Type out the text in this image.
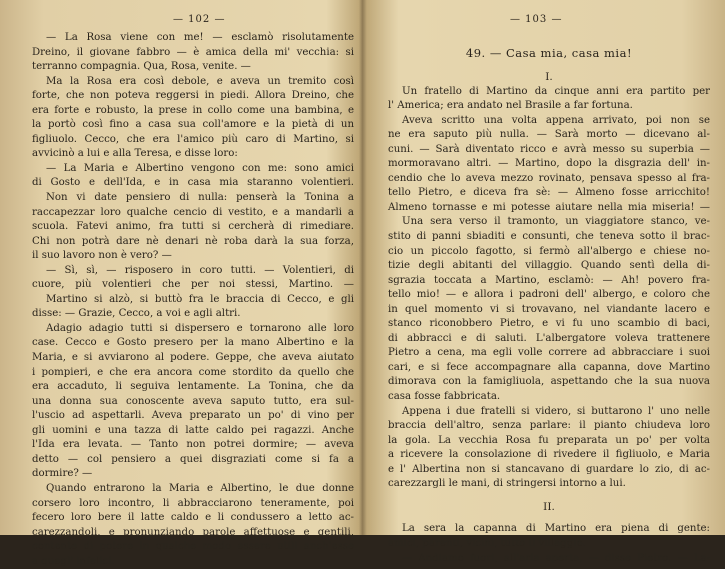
— 102 —
— La Rosa viene con me! — esclamò risolutamente
Dreino, il giovane fabbro — è amica della mi' vecchia: si
terranno compagnia. Qua, Rosa, venite. —
Ma la Rosa era così debole, e aveva un tremito così
forte, che non poteva reggersi in piedi. Allora Dreino, che
era forte e robusto, la prese in collo come una bambina, e
la portò così fino a casa sua coll'amore e la pietà di un
figliuolo. Cecco, che era l'amico più caro di Martino, si
avvicinò a lui e alla Teresa, e disse loro:
— La Maria e Albertino vengono con me: sono amici
di Gosto e dell'Ida, e in casa mia staranno volentieri.
Non vi date pensiero di nulla: penserà la Tonina a
raccapezzar loro qualche cencio di vestito, e a mandarli a
scuola. Fatevi animo, fra tutti si cercherà di rimediare.
Chi non potrà dare nè denari nè roba darà la sua forza,
il suo lavoro non è vero? —
— Sì, sì, — risposero in coro tutti. — Volentieri, di
cuore, più volentieri che per noi stessi, Martino. —
Martino si alzò, si buttò fra le braccia di Cecco, e gli
disse: — Grazie, Cecco, a voi e agli altri.
Adagio adagio tutti si dispersero e tornarono alle loro
case. Cecco e Gosto presero per la mano Albertino e la
Maria, e si avviarono al podere. Geppe, che aveva aiutato
i pompieri, e che era ancora come stordito da quello che
era accaduto, li seguiva lentamente. La Tonina, che da
una donna sua conoscente aveva saputo tutto, era sul-
l'uscio ad aspettarli. Aveva preparato un po' di vino per
gli uomini e una tazza di latte caldo pei ragazzi. Anche
l'Ida era levata. — Tanto non potrei dormire; — aveva
detto — col pensiero a quei disgraziati come si fa a
dormire? —
Quando entrarono la Maria e Albertino, le due donne
corsero loro incontro, li abbracciarono teneramente, poi
fecero loro bere il latte caldo e li condussero a letto ac-
carezzandoli, e pronunziando parole affettuose e gentili,
contente di potere in qualche modo essere utili anch'esse
a quegl' infelici.
— 103 —
49. — Casa mia, casa mia!
I.
Un fratello di Martino da cinque anni era partito per
l' America; era andato nel Brasile a far fortuna.
Aveva scritto una volta appena arrivato, poi non se
ne era saputo più nulla. — Sarà morto — dicevano al-
cuni. — Sarà diventato ricco e avrà messo su superbia —
mormoravano altri. — Martino, dopo la disgrazia dell' in-
cendio che lo aveva mezzo rovinato, pensava spesso al fra-
tello Pietro, e diceva fra sè: — Almeno fosse arricchito!
Almeno tornasse e mi potesse aiutare nella mia miseria! —
Una sera verso il tramonto, un viaggiatore stanco, ve-
stito di panni sbiaditi e consunti, che teneva sotto il brac-
cio un piccolo fagotto, si fermò all'albergo e chiese no-
tizie degli abitanti del villaggio. Quando sentì della di-
sgrazia toccata a Martino, esclamò: — Ah! povero fra-
tello mio! — e allora i padroni dell' albergo, e coloro che
in quel momento vi si trovavano, nel viandante lacero e
stanco riconobbero Pietro, e vi fu uno scambio di baci,
di abbracci e di saluti. L'albergatore voleva trattenere
Pietro a cena, ma egli volle correre ad abbracciare i suoi
cari, e si fece accompagnare alla capanna, dove Martino
dimorava con la famigliuola, aspettando che la sua nuova
casa fosse fabbricata.
Appena i due fratelli si videro, si buttarono l' uno nelle
braccia dell'altro, senza parlare: il pianto chiudeva loro
la gola. La vecchia Rosa fu preparata un po' per volta
a ricevere la consolazione di rivedere il figliuolo, e Maria
e l' Albertina non si stancavano di guardare lo zio, di ac-
carezzargli le mani, di stringersi intorno a lui.
II.
La sera la capanna di Martino era piena di gente:
amici, parenti, vicini, tutto il villaggio.
— Andiamo fuori, all'aria aperta, — disse Pietro. — La-
